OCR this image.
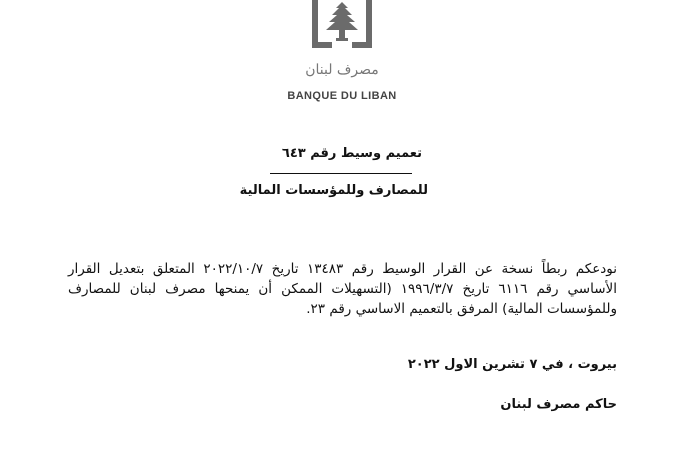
مصرف لبنان
BANQUE DU LIBAN
تعميم وسيط رقم ٦٤٣
للمصارف وللمؤسسات المالية
نودعكم ربطاً نسخة عن القرار الوسيط رقم ١٣٤٨٣ تاريخ ٢٠٢٢/١٠/٧ المتعلق بتعديل القرار الأساسي رقم ٦١١٦ تاريخ ١٩٩٦/٣/٧ (التسهيلات الممكن أن يمنحها مصرف لبنان للمصارف وللمؤسسات المالية) المرفق بالتعميم الاساسي رقم ٢٣.
بيروت ، في ٧ تشرين الاول ٢٠٢٢
حاكم مصرف لبنان
